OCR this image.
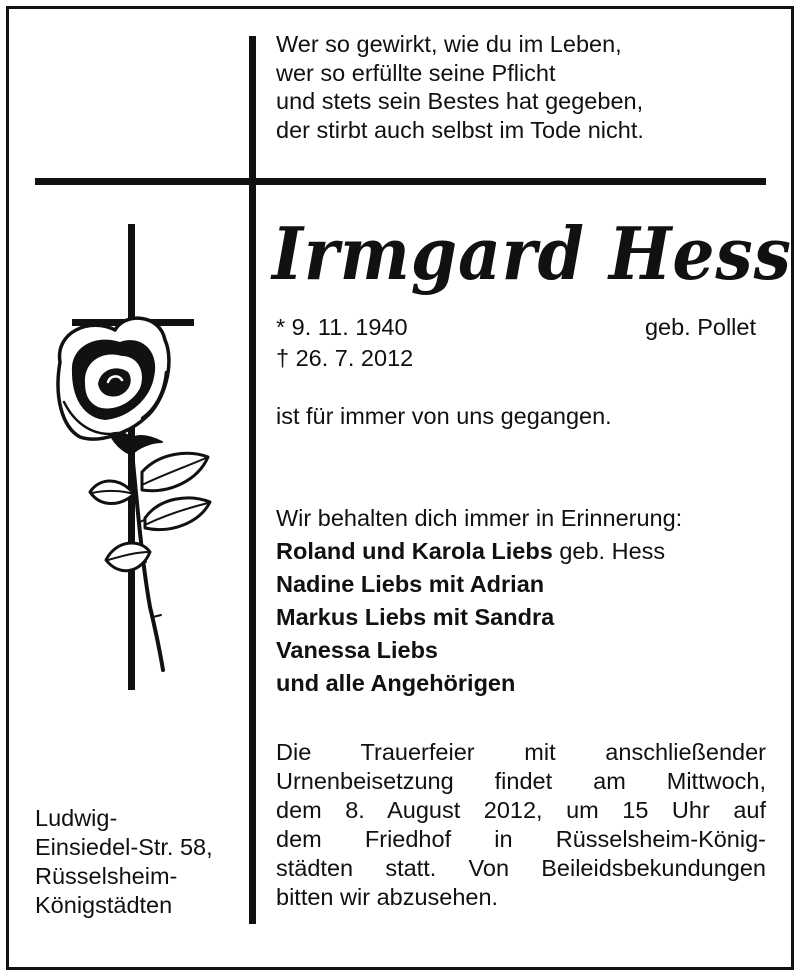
Wer so gewirkt, wie du im Leben,
wer so erfüllte seine Pflicht
und stets sein Bestes hat gegeben,
der stirbt auch selbst im Tode nicht.
Irmgard Hess
* 9. 11. 1940	geb. Pollet
† 26. 7. 2012
ist für immer von uns gegangen.
Wir behalten dich immer in Erinnerung:
Roland und Karola Liebs geb. Hess
Nadine Liebs mit Adrian
Markus Liebs mit Sandra
Vanessa Liebs
und alle Angehörigen
Die Trauerfeier mit anschließender
Urnenbeisetzung findet am Mittwoch,
dem 8. August 2012, um 15 Uhr auf
dem Friedhof in Rüsselsheim-König-
städten statt. Von Beileidsbekundungen
bitten wir abzusehen.
Ludwig-
Einsiedel-Str. 58,
Rüsselsheim-
Königstädten
